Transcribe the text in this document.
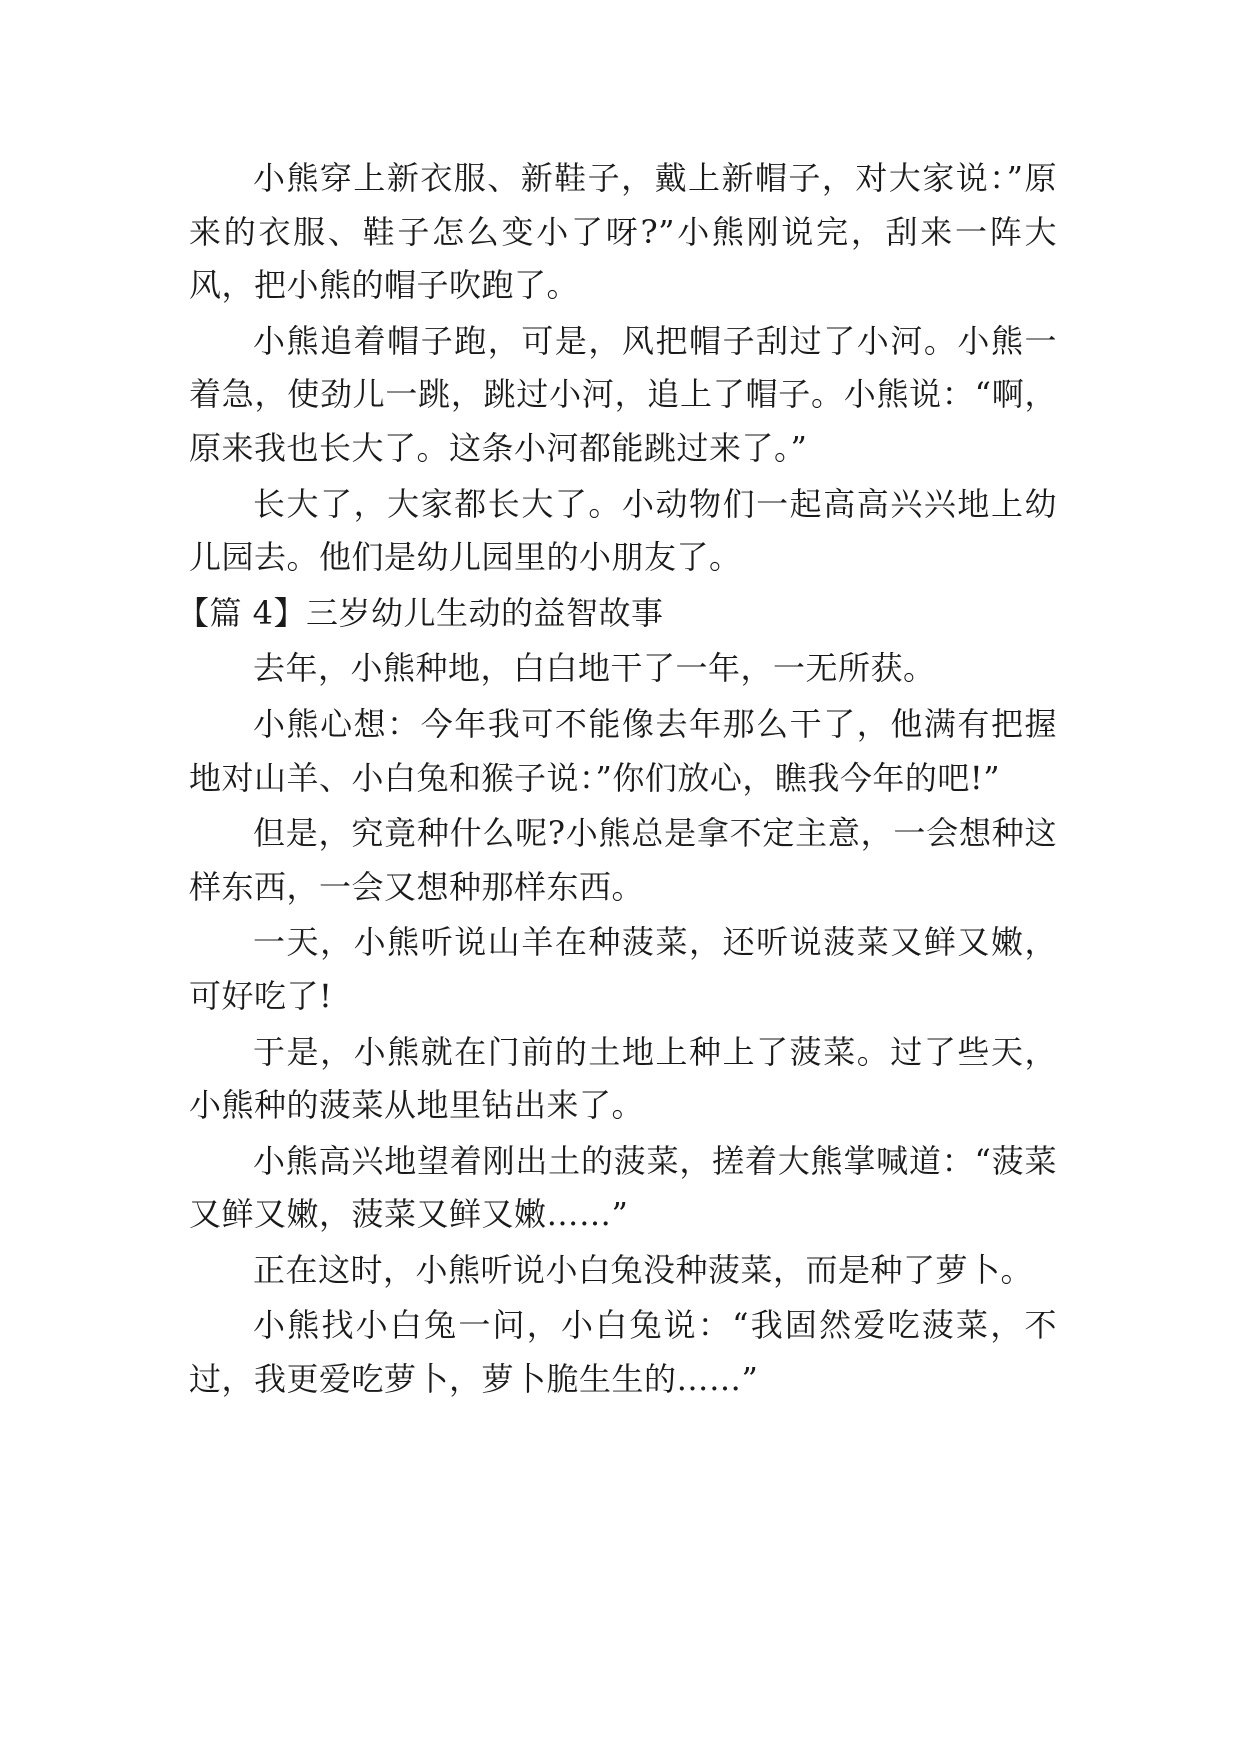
小熊穿上新衣服、新鞋子，戴上新帽子，对大家说：”原来的衣服、鞋子怎么变小了呀?”小熊刚说完，刮来一阵大风，把小熊的帽子吹跑了。

小熊追着帽子跑，可是，风把帽子刮过了小河。小熊一着急，使劲儿一跳，跳过小河，追上了帽子。小熊说：“啊，原来我也长大了。这条小河都能跳过来了。”

长大了，大家都长大了。小动物们一起高高兴兴地上幼儿园去。他们是幼儿园里的小朋友了。

【篇 4】三岁幼儿生动的益智故事

去年，小熊种地，白白地干了一年，一无所获。

小熊心想：今年我可不能像去年那么干了，他满有把握地对山羊、小白兔和猴子说：”你们放心，瞧我今年的吧!”

但是，究竟种什么呢?小熊总是拿不定主意，一会想种这样东西，一会又想种那样东西。

一天，小熊听说山羊在种菠菜，还听说菠菜又鲜又嫩，可好吃了!

于是，小熊就在门前的土地上种上了菠菜。过了些天，小熊种的菠菜从地里钻出来了。

小熊高兴地望着刚出土的菠菜，搓着大熊掌喊道：“菠菜又鲜又嫩，菠菜又鲜又嫩……”

正在这时，小熊听说小白兔没种菠菜，而是种了萝卜。

小熊找小白兔一问，小白兔说：“我固然爱吃菠菜，不过，我更爱吃萝卜，萝卜脆生生的……”
